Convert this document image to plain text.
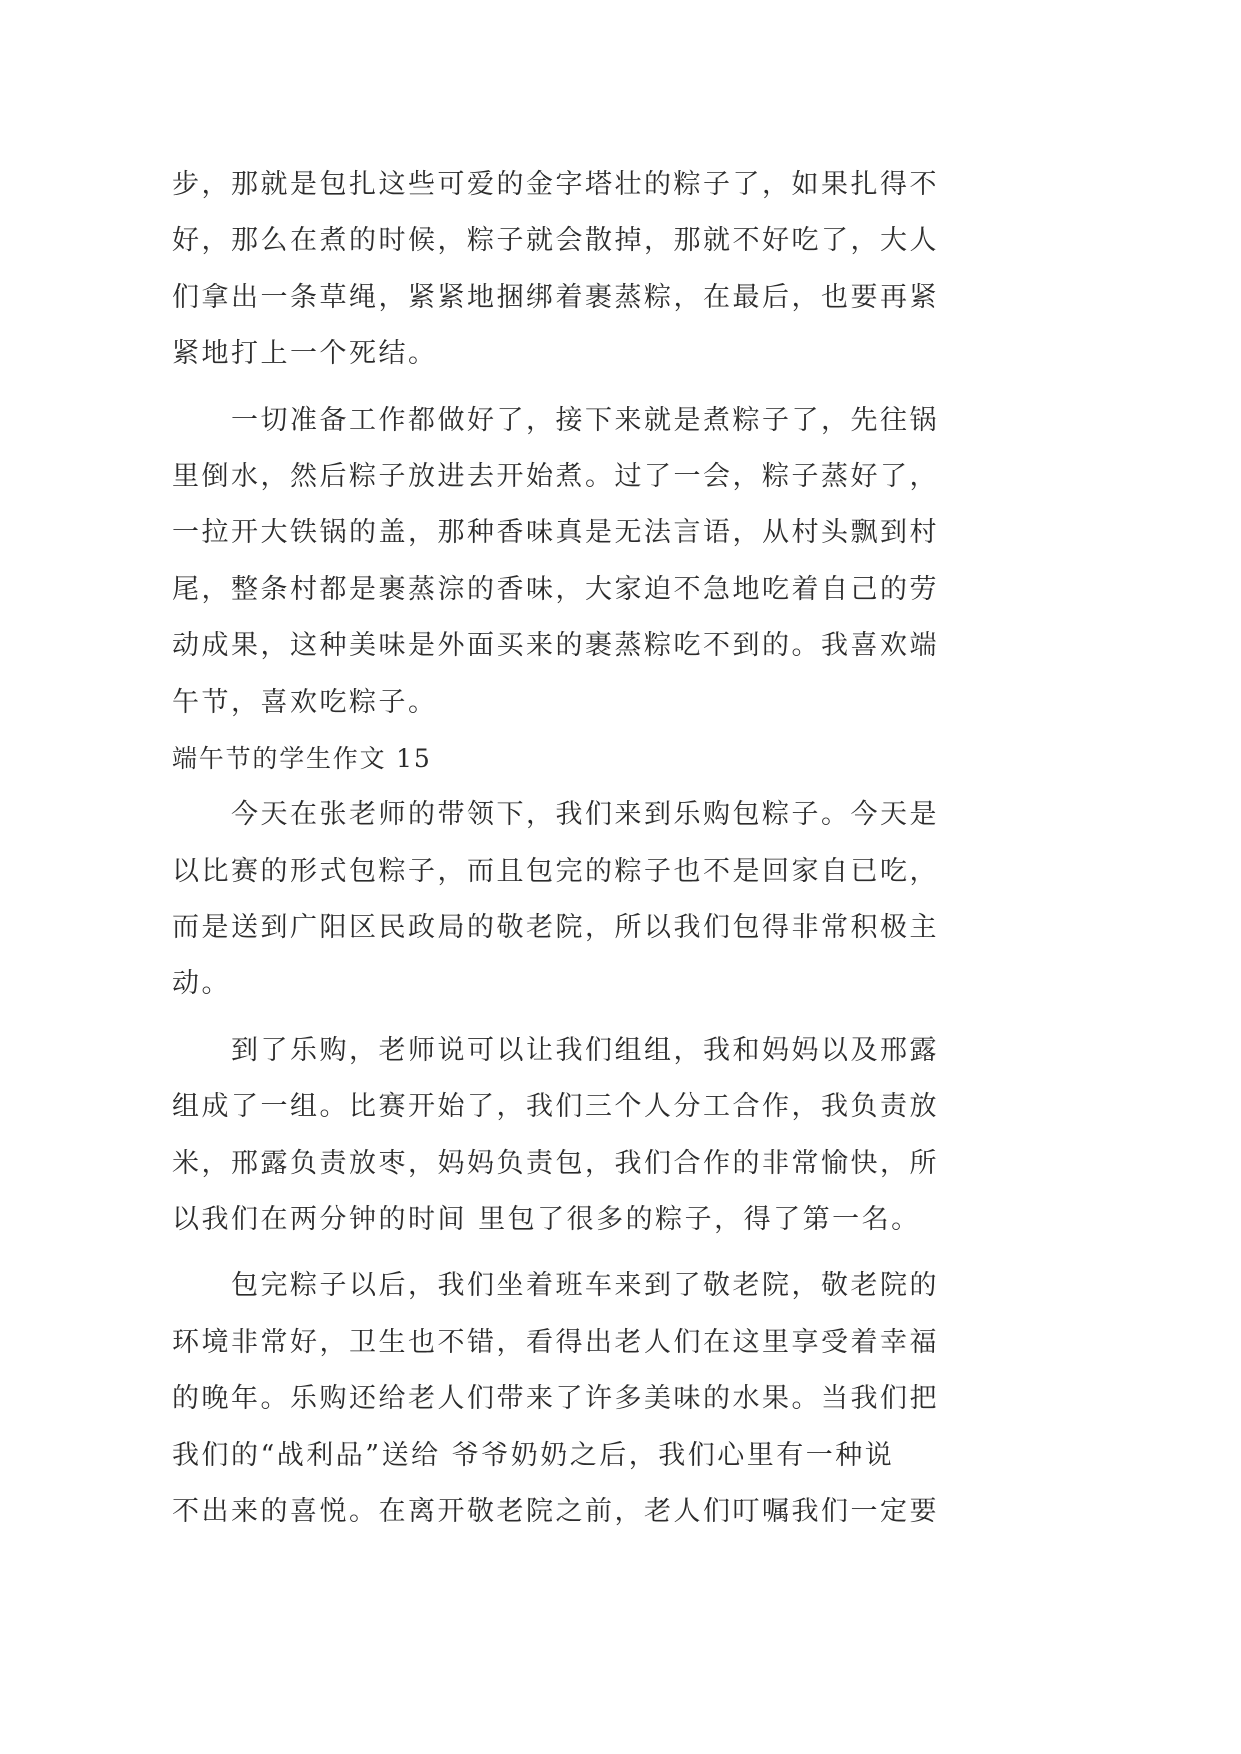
步，那就是包扎这些可爱的金字塔壮的粽子了，如果扎得不
好，那么在煮的时候，粽子就会散掉，那就不好吃了，大人
们拿出一条草绳，紧紧地捆绑着裹蒸粽，在最后，也要再紧
紧地打上一个死结。
一切准备工作都做好了，接下来就是煮粽子了，先往锅
里倒水，然后粽子放进去开始煮。过了一会，粽子蒸好了，
一拉开大铁锅的盖，那种香味真是无法言语，从村头飘到村
尾，整条村都是裹蒸淙的香味，大家迫不急地吃着自己的劳
动成果，这种美味是外面买来的裹蒸粽吃不到的。我喜欢端
午节，喜欢吃粽子。
端午节的学生作文 15
今天在张老师的带领下，我们来到乐购包粽子。今天是
以比赛的形式包粽子，而且包完的粽子也不是回家自已吃，
而是送到广阳区民政局的敬老院，所以我们包得非常积极主
动。
到了乐购，老师说可以让我们组组，我和妈妈以及邢露
组成了一组。比赛开始了，我们三个人分工合作，我负责放
米，邢露负责放枣，妈妈负责包，我们合作的非常愉快，所
以我们在两分钟的时间 里包了很多的粽子，得了第一名。
包完粽子以后，我们坐着班车来到了敬老院，敬老院的
环境非常好，卫生也不错，看得出老人们在这里享受着幸福
的晚年。乐购还给老人们带来了许多美味的水果。当我们把
我们的“战利品”送给 爷爷奶奶之后，我们心里有一种说
不出来的喜悦。在离开敬老院之前，老人们叮嘱我们一定要
